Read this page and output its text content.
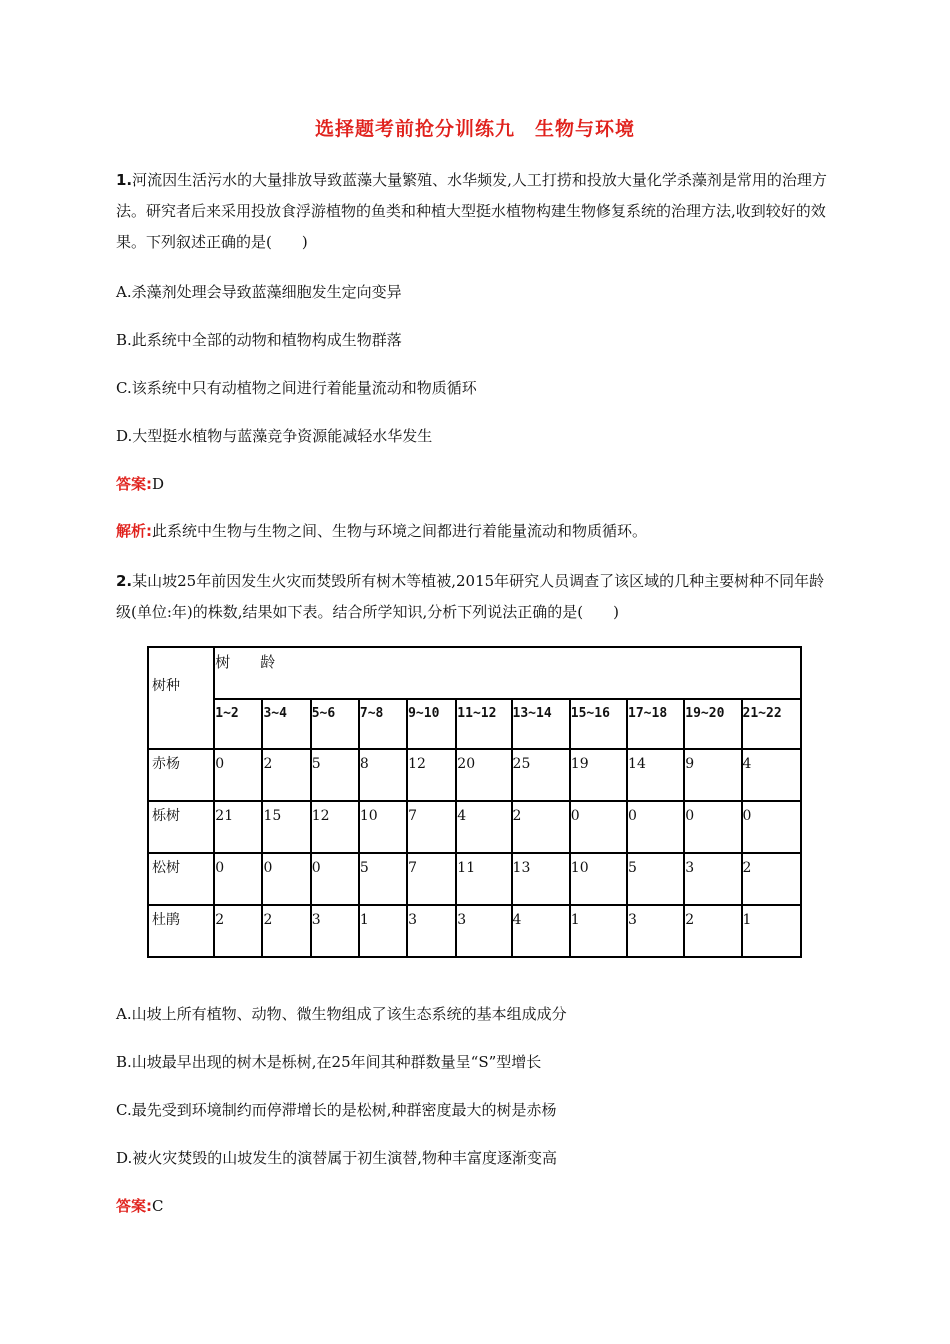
选择题考前抢分训练九　生物与环境
1.河流因生活污水的大量排放导致蓝藻大量繁殖、水华频发,人工打捞和投放大量化学杀藻剂是常用的治理方法。研究者后来采用投放食浮游植物的鱼类和种植大型挺水植物构建生物修复系统的治理方法,收到较好的效果。下列叙述正确的是(　　)
A.杀藻剂处理会导致蓝藻细胞发生定向变异
B.此系统中全部的动物和植物构成生物群落
C.该系统中只有动植物之间进行着能量流动和物质循环
D.大型挺水植物与蓝藻竞争资源能减轻水华发生
答案:D
解析:此系统中生物与生物之间、生物与环境之间都进行着能量流动和物质循环。
2.某山坡25年前因发生火灾而焚毁所有树木等植被,2015年研究人员调查了该区域的几种主要树种不同年龄级(单位:年)的株数,结果如下表。结合所学知识,分析下列说法正确的是(　　)
树种	树　　龄										
	1~2	3~4	5~6	7~8	9~10	11~12	13~14	15~16	17~18	19~20	21~22
赤杨	0	2	5	8	12	20	25	19	14	9	4
栎树	21	15	12	10	7	4	2	0	0	0	0
松树	0	0	0	5	7	11	13	10	5	3	2
杜鹃	2	2	3	1	3	3	4	1	3	2	1
A.山坡上所有植物、动物、微生物组成了该生态系统的基本组成成分
B.山坡最早出现的树木是栎树,在25年间其种群数量呈“S”型增长
C.最先受到环境制约而停滞增长的是松树,种群密度最大的树是赤杨
D.被火灾焚毁的山坡发生的演替属于初生演替,物种丰富度逐渐变高
答案:C
